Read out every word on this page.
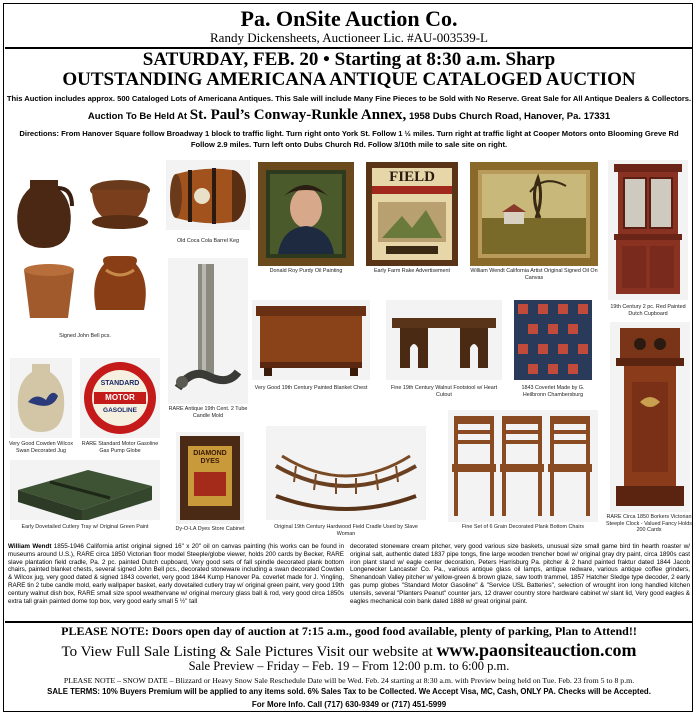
Pa. OnSite Auction Co.
Randy Dickensheets, Auctioneer Lic. #AU-003539-L
SATURDAY, FEB. 20 • Starting at 8:30 a.m. Sharp
OUTSTANDING AMERICANA ANTIQUE CATALOGED AUCTION
This Auction includes approx. 500 Cataloged Lots of Americana Antiques. This Sale will include Many Fine Pieces to be Sold with No Reserve. Great Sale for All Antique Dealers & Collectors.
Auction To Be Held At St. Paul’s Conway-Runkle Annex, 1958 Dubs Church Road, Hanover, Pa. 17331
Directions: From Hanover Square follow Broadway 1 block to traffic light. Turn right onto York St. Follow 1 ½ miles. Turn right at traffic light at Cooper Motors onto Blooming Greve Rd
Follow 2.9 miles. Turn left onto Dubs Church Rd. Follow 3/10th mile to sale site on right.
Signed John Bell pcs.
Old Coca Cola Barrel Keg
Donald Roy Purdy Oil Painting
FIELD
Early Farm Rake Advertisement	William Wendt California Artist Original Signed Oil On Canvas
19th Century 2 pc. Red Painted Dutch Cupboard
RARE Antique 19th Cent. 2 Tube Candle Mold
Very Good 19th Century Painted Blanket Chest	Fine 19th Century Walnut Footstool w/ Heart Cutout
1843 Coverlet Made by G. Heilbronn Chambersburg
Very Good Cowden Wilcox Swan Decorated Jug
STANDARD
MOTOR
GASOLINE
RARE Standard Motor Gasoline Gas Pump Globe
Early Dovetailed Cutlery Tray w/ Original Green Paint
DIAMOND DYES
Dy-O-LA Dyes Store Cabinet	Original 19th Century Hardwood Field Cradle Used by Slave Woman
Fine Set of 6 Grain Decorated Plank Bottom Chairs
RARE Circa 1850 Borkers Victorian Steeple Clock - Valued Fancy Holds 200 Cards
William Wendt 1855-1946 California artist original signed 16" x 20" oil on canvas painting (his works can be found in museums around U.S.), RARE circa 1850 Victorian floor model Steeple/globe viewer, holds 200 cards by Becker, RARE slave plantation field cradle, Pa. 2 pc. painted Dutch cupboard, Very good sets of fall spindle decorated plank bottom chairs, painted blanket chests, several signed John Bell pcs., decorated stoneware including a swan decorated Cowden & Wilcox jug, very good dated & signed 1843 coverlet, very good 1844 Kump Hanover Pa. coverlet made for J. Yingling, RARE tin 2 tube candle mold, early wallpaper basket, early dovetailed cutlery tray w/ original green paint, very good 19th century walnut dish box, RARE small size spool weathervane w/ original mercury glass ball & rod, very good circa 1850s extra tall grain painted dome top box, very good early small 5 ½" tall
decorated stoneware cream pitcher, very good various size baskets, unusual size small game bird tin hearth roaster w/ original salt, authentic dated 1837 pipe tongs, fine large wooden trencher bowl w/ original gray dry paint, circa 1890s cast iron plant stand w/ eagle center decoration, Peters Harrisburg Pa. pitcher & 2 hand painted fraktur dated 1844 Jacob Longenecker Lancaster Co. Pa., various antique glass oil lamps, antique redware, various antique coffee grinders, Shenandoah Valley pitcher w/ yellow-green & brown glaze, saw tooth trammel, 1857 Hatcher Sledge type decoder, 2 early gas pump globes "Standard Motor Gasoline" & "Service USL Batteries", selection of wrought iron long handled kitchen utensils, several "Planters Peanut" counter jars, 12 drawer country store hardware cabinet w/ slant lid, Very good eagles & eagles mechanical coin bank dated 1888 w/ great original paint.
PLEASE NOTE: Doors open day of auction at 7:15 a.m., good food available, plenty of parking, Plan to Attend!!
To View Full Sale Listing & Sale Pictures Visit our website at www.paonsiteauction.com
Sale Preview – Friday – Feb. 19 – From 12:00 p.m. to 6:00 p.m.
PLEASE NOTE – SNOW DATE – Blizzard or Heavy Snow Sale Reschedule Date will be Wed. Feb. 24 starting at 8:30 a.m. with Preview being held on Tue. Feb. 23 from 5 to 8 p.m.
SALE TERMS: 10% Buyers Premium will be applied to any items sold. 6% Sales Tax to be Collected. We Accept Visa, MC, Cash, ONLY PA. Checks will be Accepted.
For More Info. Call (717) 630-9349 or (717) 451-5999
